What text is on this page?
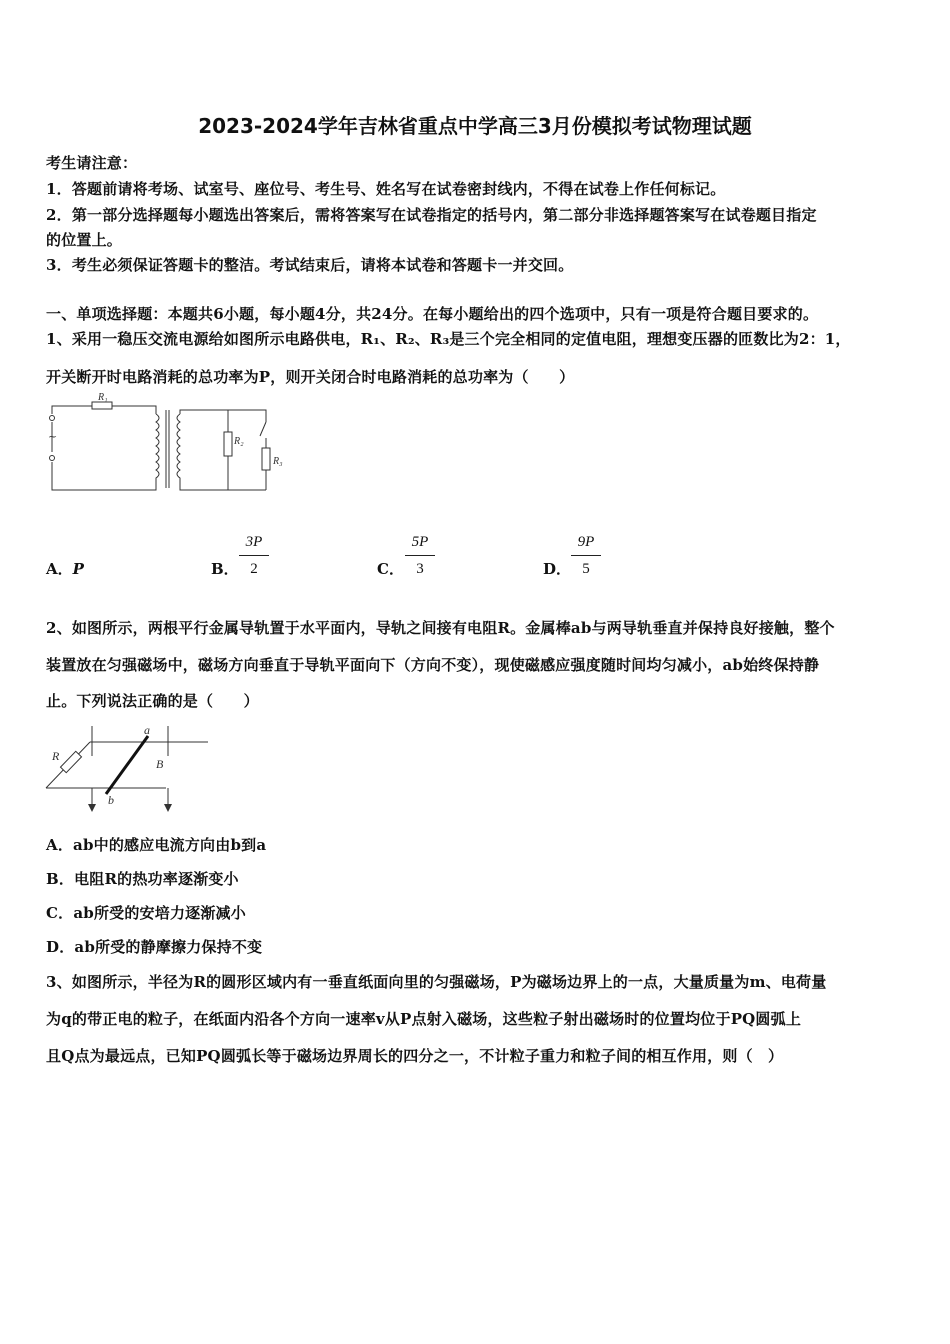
2023-2024学年吉林省重点中学高三3月份模拟考试物理试题
考生请注意：
1．答题前请将考场、试室号、座位号、考生号、姓名写在试卷密封线内，不得在试卷上作任何标记。
2．第一部分选择题每小题选出答案后，需将答案写在试卷指定的括号内，第二部分非选择题答案写在试卷题目指定
的位置上。
3．考生必须保证答题卡的整洁。考试结束后，请将本试卷和答题卡一并交回。
一、单项选择题：本题共6小题，每小题4分，共24分。在每小题给出的四个选项中，只有一项是符合题目要求的。
1、采用一稳压交流电源给如图所示电路供电，R₁、R₂、R₃是三个完全相同的定值电阻，理想变压器的匝数比为2：1，
开关断开时电路消耗的总功率为P，则开关闭合时电路消耗的总功率为（　　）
~
R₁
R₂
R₃
A．P	B．
3P
2	C．
5P
3	D．
9P
5
2、如图所示，两根平行金属导轨置于水平面内，导轨之间接有电阻R。金属棒ab与两导轨垂直并保持良好接触，整个
装置放在匀强磁场中，磁场方向垂直于导轨平面向下（方向不变），现使磁感应强度随时间均匀减小，ab始终保持静
止。下列说法正确的是（　　）
R
a
b
B
A．ab中的感应电流方向由b到a
B．电阻R的热功率逐渐变小
C．ab所受的安培力逐渐减小
D．ab所受的静摩擦力保持不变
3、如图所示，半径为R的圆形区域内有一垂直纸面向里的匀强磁场，P为磁场边界上的一点，大量质量为m、电荷量
为q的带正电的粒子，在纸面内沿各个方向一速率v从P点射入磁场，这些粒子射出磁场时的位置均位于PQ圆弧上
且Q点为最远点，已知PQ圆弧长等于磁场边界周长的四分之一，不计粒子重力和粒子间的相互作用，则（　）
